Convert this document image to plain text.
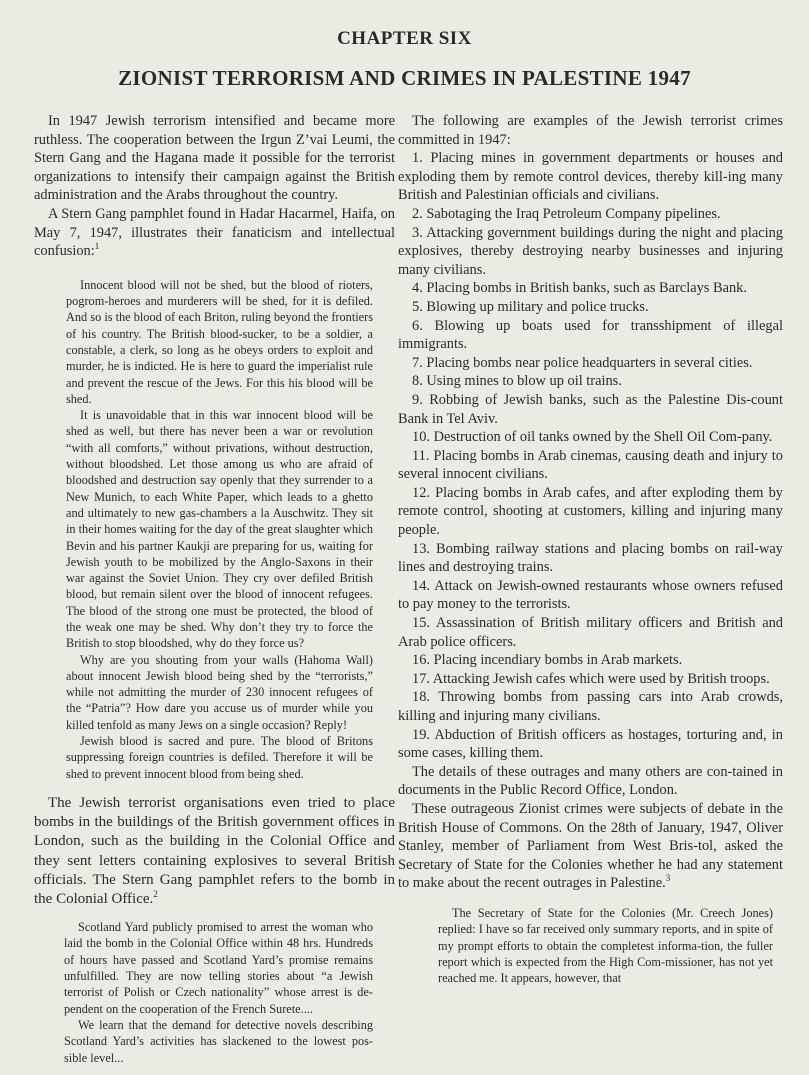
CHAPTER SIX
ZIONIST TERRORISM AND CRIMES IN PALESTINE 1947

In 1947 Jewish terrorism intensified and became more ruthless. The cooperation between the Irgun Z’vai Leumi, the Stern Gang and the Hagana made it possible for the terrorist organizations to intensify their campaign against the British administration and the Arabs throughout the country.

A Stern Gang pamphlet found in Hadar Hacarmel, Haifa, on May 7, 1947, illustrates their fanaticism and intellectual confusion:$^1$

Innocent blood will not be shed, but the blood of rioters, pogrom-heroes and murderers will be shed, for it is defiled. And so is the blood of each Briton, ruling beyond the frontiers of his country. The British blood-sucker, to be a soldier, a constable, a clerk, so long as he obeys orders to exploit and murder, he is indicted. He is here to guard the imperialist rule and prevent the rescue of the Jews. For this his blood will be shed.

It is unavoidable that in this war innocent blood will be shed as well, but there has never been a war or revolution “with all comforts,” without privations, without destruction, without bloodshed. Let those among us who are afraid of bloodshed and destruction say openly that they surrender to a New Munich, to each White Paper, which leads to a ghetto and ultimately to new gas-chambers a la Auschwitz. They sit in their homes waiting for the day of the great slaughter which Bevin and his partner Kaukji are preparing for us, waiting for Jewish youth to be mobilized by the Anglo-Saxons in their war against the Soviet Union. They cry over defiled British blood, but remain silent over the blood of innocent refugees. The blood of the strong one must be protected, the blood of the weak one may be shed. Why don’t they try to force the British to stop bloodshed, why do they force us?

Why are you shouting from your walls (Hahoma Wall) about innocent Jewish blood being shed by the “terrorists,” while not admitting the murder of 230 innocent refugees of the “Patria”? How dare you accuse us of murder while you killed tenfold as many Jews on a single occasion? Reply!

Jewish blood is sacred and pure. The blood of Britons suppressing foreign countries is defiled. Therefore it will be shed to prevent innocent blood from being shed.

The Jewish terrorist organisations even tried to place bombs in the buildings of the British government offices in London, such as the building in the Colonial Office and they sent letters containing explosives to several British officials. The Stern Gang pamphlet refers to the bomb in the Colonial Office.$^2$

Scotland Yard publicly promised to arrest the woman who laid the bomb in the Colonial Office within 48 hrs. Hundreds of hours have passed and Scotland Yard’s promise remains unfulfilled. They are now telling stories about “a Jewish terrorist of Polish or Czech nationality” whose arrest is de-pendent on the cooperation of the French Surete....

We learn that the demand for detective novels describing Scotland Yard’s activities has slackened to the lowest pos-sible level...

The following are examples of the Jewish terrorist crimes committed in 1947:

1. Placing mines in government departments or houses and exploding them by remote control devices, thereby kill-ing many British and Palestinian officials and civilians.

2. Sabotaging the Iraq Petroleum Company pipelines.

3. Attacking government buildings during the night and placing explosives, thereby destroying nearby businesses and injuring many civilians.

4. Placing bombs in British banks, such as Barclays Bank.

5. Blowing up military and police trucks.

6. Blowing up boats used for transshipment of illegal immigrants.

7. Placing bombs near police headquarters in several cities.

8. Using mines to blow up oil trains.

9. Robbing of Jewish banks, such as the Palestine Dis-count Bank in Tel Aviv.

10. Destruction of oil tanks owned by the Shell Oil Com-pany.

11. Placing bombs in Arab cinemas, causing death and injury to several innocent civilians.

12. Placing bombs in Arab cafes, and after exploding them by remote control, shooting at customers, killing and injuring many people.

13. Bombing railway stations and placing bombs on rail-way lines and destroying trains.

14. Attack on Jewish-owned restaurants whose owners refused to pay money to the terrorists.

15. Assassination of British military officers and British and Arab police officers.

16. Placing incendiary bombs in Arab markets.

17. Attacking Jewish cafes which were used by British troops.

18. Throwing bombs from passing cars into Arab crowds, killing and injuring many civilians.

19. Abduction of British officers as hostages, torturing and, in some cases, killing them.

The details of these outrages and many others are con-tained in documents in the Public Record Office, London.

These outrageous Zionist crimes were subjects of debate in the British House of Commons. On the 28th of January, 1947, Oliver Stanley, member of Parliament from West Bris-tol, asked the Secretary of State for the Colonies whether he had any statement to make about the recent outrages in Palestine.$^3$

The Secretary of State for the Colonies (Mr. Creech Jones) replied: I have so far received only summary reports, and in spite of my prompt efforts to obtain the completest informa-tion, the fuller report which is expected from the High Com-missioner, has not yet reached me. It appears, however, that
